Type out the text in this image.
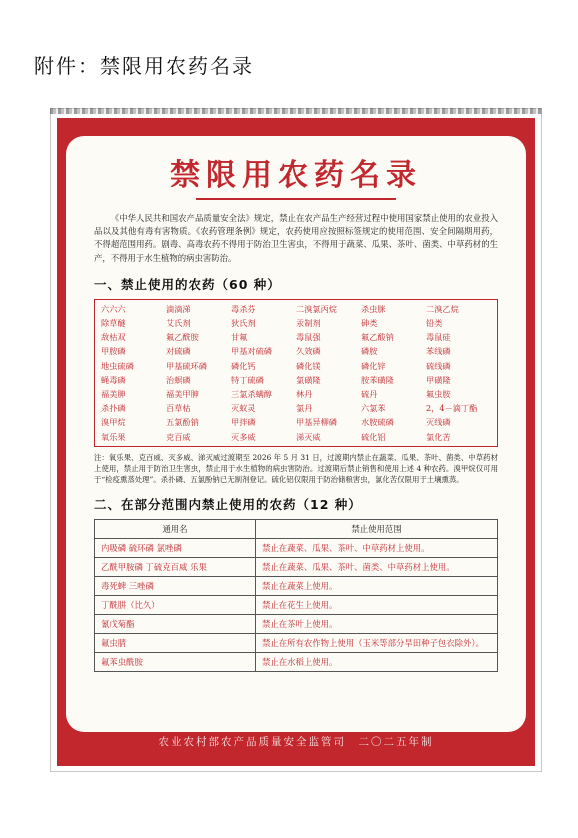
附件：禁限用农药名录
禁限用农药名录
《中华人民共和国农产品质量安全法》规定，禁止在农产品生产经营过程中使用国家禁止使用的农业投入品以及其他有毒有害物质。《农药管理条例》规定，农药使用应按照标签规定的使用范围、安全间隔期用药，不得超范围用药。剧毒、高毒农药不得用于防治卫生害虫，不得用于蔬菜、瓜果、茶叶、菌类、中草药材的生产，不得用于水生植物的病虫害防治。
一、禁止使用的农药（60 种）
六六六	滴滴涕	毒杀芬	二溴氯丙烷	杀虫脒	二溴乙烷
除草醚	艾氏剂	狄氏剂	汞制剂	砷类	铅类
敌枯双	氟乙酰胺	甘氟	毒鼠强	氟乙酸钠	毒鼠硅
甲胺磷	对硫磷	甲基对硫磷	久效磷	磷胺	苯线磷
地虫硫磷	甲基硫环磷	磷化钙	磷化镁	磷化锌	硫线磷
蝇毒磷	治螟磷	特丁硫磷	氯磺隆	胺苯磺隆	甲磺隆
福美胂	福美甲胂	三氯杀螨醇	林丹	硫丹	氟虫胺
杀扑磷	百草枯	灭蚁灵	氯丹	六氯苯	2，4－滴丁酯
溴甲烷	五氯酚钠	甲拌磷	甲基异柳磷	水胺硫磷	灭线磷
氧乐果	克百威	灭多威	涕灭威	硫化铝	氯化苦
注：氧乐果、克百威、灭多威、涕灭威过渡期至 2026 年 5 月 31 日，过渡期内禁止在蔬菜、瓜果、茶叶、菌类、中草药材上使用，禁止用于防治卫生害虫，禁止用于水生植物的病虫害防治。过渡期后禁止销售和使用上述 4 种农药。溴甲烷仅可用于“检疫熏蒸处理”。杀扑磷、五氯酚钠已无制剂登记。硫化铝仅限用于防治储粮害虫，氯化苦仅限用于土壤熏蒸。
二、在部分范围内禁止使用的农药（12 种）
通用名	禁止使用范围
内吸磷 硫环磷 氯唑磷	禁止在蔬菜、瓜果、茶叶、中草药材上使用。
乙酰甲胺磷 丁硫克百威 乐果	禁止在蔬菜、瓜果、茶叶、菌类、中草药材上使用。
毒死蜱 三唑磷	禁止在蔬菜上使用。
丁酰肼（比久）	禁止在花生上使用。
氰戊菊酯	禁止在茶叶上使用。
氟虫腈	禁止在所有农作物上使用（玉米等部分旱田种子包衣除外）。
氟苯虫酰胺	禁止在水稻上使用。
农业农村部农产品质量安全监管司　二〇二五年制
